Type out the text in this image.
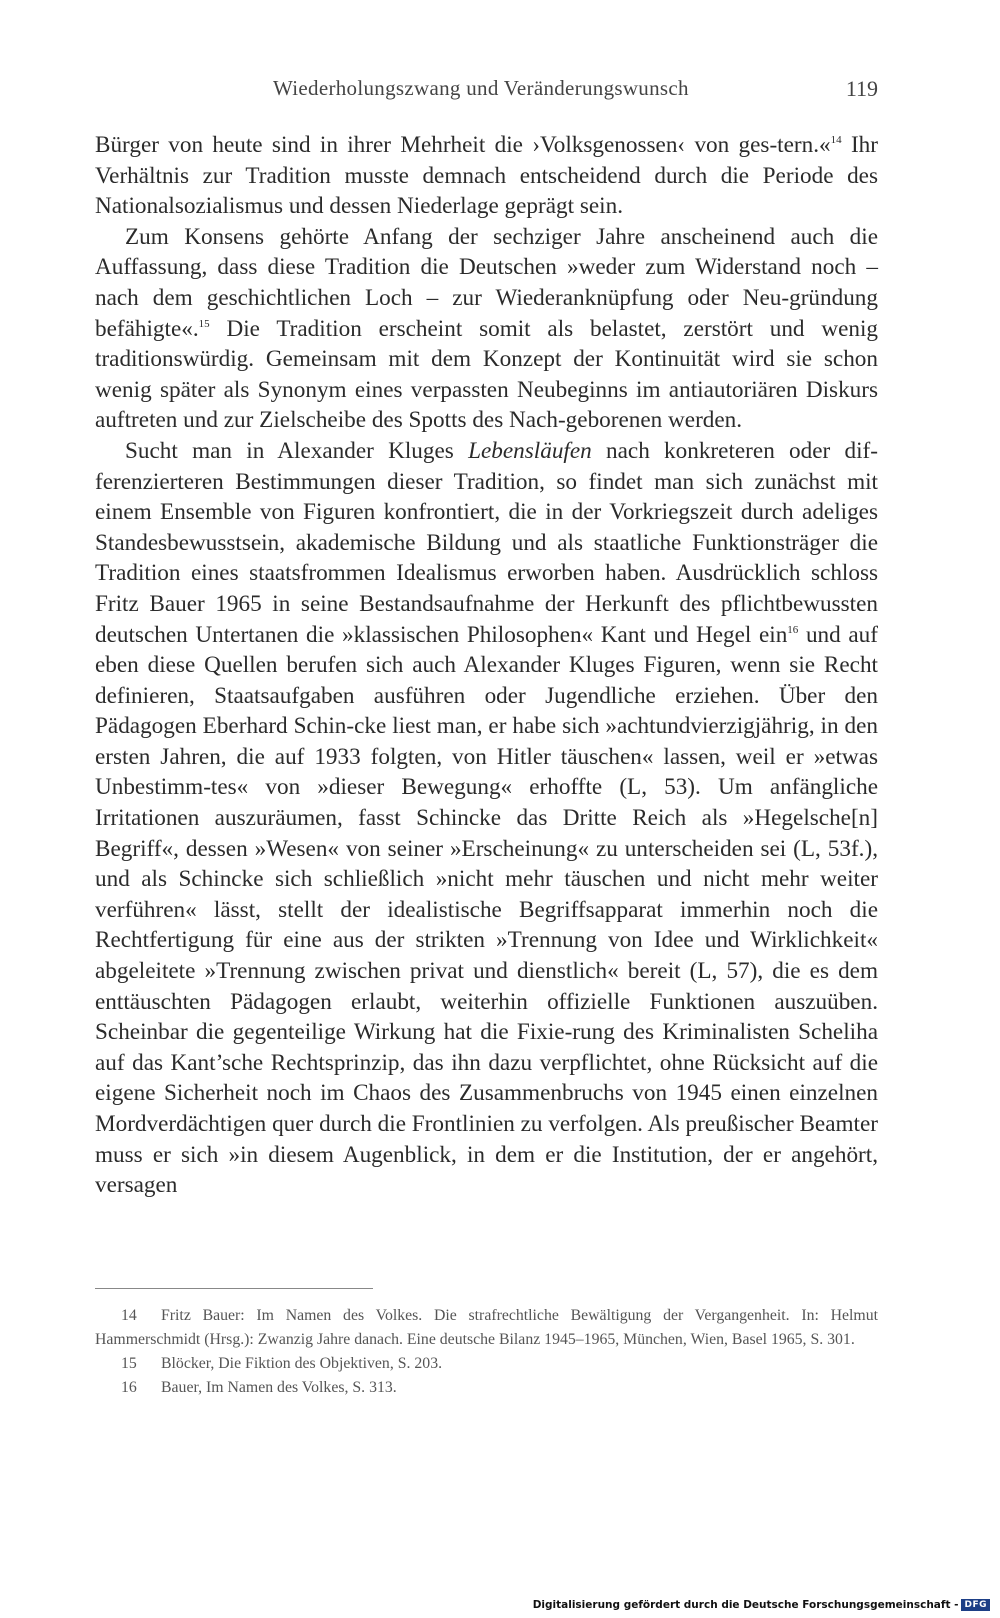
Wiederholungszwang und Veränderungswunsch	119

Bürger von heute sind in ihrer Mehrheit die ›Volksgenossen‹ von ges-tern.«$^{14}$ Ihr Verhältnis zur Tradition musste demnach entscheidend durch die Periode des Nationalsozialismus und dessen Niederlage geprägt sein.

Zum Konsens gehörte Anfang der sechziger Jahre anscheinend auch die Auffassung, dass diese Tradition die Deutschen »weder zum Widerstand noch – nach dem geschichtlichen Loch – zur Wiederanknüpfung oder Neu-gründung befähigte«.$^{15}$ Die Tradition erscheint somit als belastet, zerstört und wenig traditionswürdig. Gemeinsam mit dem Konzept der Kontinuität wird sie schon wenig später als Synonym eines verpassten Neubeginns im antiautoriären Diskurs auftreten und zur Zielscheibe des Spotts des Nach-geborenen werden.

Sucht man in Alexander Kluges Lebensläufen nach konkreteren oder dif-ferenzierteren Bestimmungen dieser Tradition, so findet man sich zunächst mit einem Ensemble von Figuren konfrontiert, die in der Vorkriegszeit durch adeliges Standesbewusstsein, akademische Bildung und als staatliche Funktionsträger die Tradition eines staatsfrommen Idealismus erworben haben. Ausdrücklich schloss Fritz Bauer 1965 in seine Bestandsaufnahme der Herkunft des pflichtbewussten deutschen Untertanen die »klassischen Philosophen« Kant und Hegel ein$^{16}$ und auf eben diese Quellen berufen sich auch Alexander Kluges Figuren, wenn sie Recht definieren, Staatsaufgaben ausführen oder Jugendliche erziehen. Über den Pädagogen Eberhard Schin-cke liest man, er habe sich »achtundvierzigjährig, in den ersten Jahren, die auf 1933 folgten, von Hitler täuschen« lassen, weil er »etwas Unbestimm-tes« von »dieser Bewegung« erhoffte (L, 53). Um anfängliche Irritationen auszuräumen, fasst Schincke das Dritte Reich als »Hegelsche[n] Begriff«, dessen »Wesen« von seiner »Erscheinung« zu unterscheiden sei (L, 53f.), und als Schincke sich schließlich »nicht mehr täuschen und nicht mehr weiter verführen« lässt, stellt der idealistische Begriffsapparat immerhin noch die Rechtfertigung für eine aus der strikten »Trennung von Idee und Wirklichkeit« abgeleitete »Trennung zwischen privat und dienstlich« bereit (L, 57), die es dem enttäuschten Pädagogen erlaubt, weiterhin offizielle Funktionen auszuüben. Scheinbar die gegenteilige Wirkung hat die Fixie-rung des Kriminalisten Scheliha auf das Kant’sche Rechtsprinzip, das ihn dazu verpflichtet, ohne Rücksicht auf die eigene Sicherheit noch im Chaos des Zusammenbruchs von 1945 einen einzelnen Mordverdächtigen quer durch die Frontlinien zu verfolgen. Als preußischer Beamter muss er sich »in diesem Augenblick, in dem er die Institution, der er angehört, versagen

14 Fritz Bauer: Im Namen des Volkes. Die strafrechtliche Bewältigung der Vergangenheit. In: Helmut Hammerschmidt (Hrsg.): Zwanzig Jahre danach. Eine deutsche Bilanz 1945–1965, München, Wien, Basel 1965, S. 301.

15 Blöcker, Die Fiktion des Objektiven, S. 203.

16 Bauer, Im Namen des Volkes, S. 313.

Digitalisierung gefördert durch die Deutsche Forschungsgemeinschaft - DFG
